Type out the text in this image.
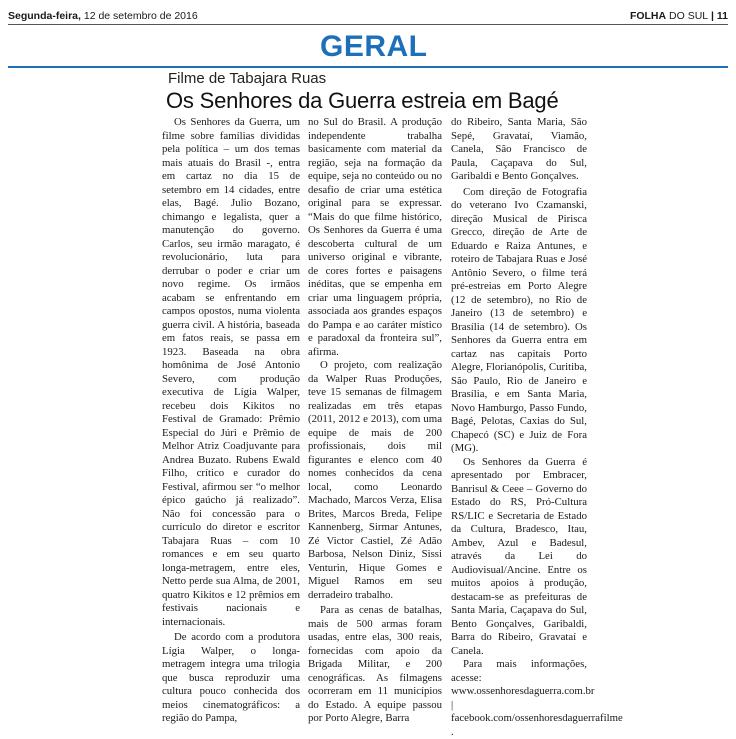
Segunda-feira, 12 de setembro de 2016	FOLHA DO SUL | 11
GERAL
Filme de Tabajara Ruas
Os Senhores da Guerra estreia em Bagé

Os Senhores da Guerra, um filme sobre famílias divididas pela política – um dos temas mais atuais do Brasil -, entra em cartaz no dia 15 de setembro em 14 cidades, entre elas, Bagé. Julio Bozano, chimango e legalista, quer a manutenção do governo. Carlos, seu irmão maragato, é revolucionário, luta para derrubar o poder e criar um novo regime. Os irmãos acabam se enfrentando em campos opostos, numa violenta guerra civil. A história, baseada em fatos reais, se passa em 1923. Baseada na obra homônima de José Antonio Severo, com produção executiva de Lígia Walper, recebeu dois Kikitos no Festival de Gramado: Prêmio Especial do Júri e Prêmio de Melhor Atriz Coadjuvante para Andrea Buzato. Rubens Ewald Filho, crítico e curador do Festival, afirmou ser “o melhor épico gaúcho já realizado”. Não foi concessão para o currículo do diretor e escritor Tabajara Ruas – com 10 romances e em seu quarto longa-metragem, entre eles, Netto perde sua Alma, de 2001, quatro Kikitos e 12 prêmios em festivais nacionais e internacionais.

De acordo com a produtora Lígia Walper, o longa-metragem integra uma trilogia que busca reproduzir uma cultura pouco conhecida dos meios cinematográficos: a região do Pampa,

no Sul do Brasil. A produção independente trabalha basicamente com material da região, seja na formação da equipe, seja no conteúdo ou no desafio de criar uma estética original para se expressar. “Mais do que filme histórico, Os Senhores da Guerra é uma descoberta cultural de um universo original e vibrante, de cores fortes e paisagens inéditas, que se empenha em criar uma linguagem própria, associada aos grandes espaços do Pampa e ao caráter místico e paradoxal da fronteira sul”, afirma.

O projeto, com realização da Walper Ruas Produções, teve 15 semanas de filmagem realizadas em três etapas (2011, 2012 e 2013), com uma equipe de mais de 200 profissionais, dois mil figurantes e elenco com 40 nomes conhecidos da cena local, como Leonardo Machado, Marcos Verza, Elisa Brites, Marcos Breda, Felipe Kannenberg, Sirmar Antunes, Zé Victor Castiel, Zé Adão Barbosa, Nelson Diniz, Sissi Venturin, Hique Gomes e Miguel Ramos em seu derradeiro trabalho.

Para as cenas de batalhas, mais de 500 armas foram usadas, entre elas, 300 reais, fornecidas com apoio da Brigada Militar, e 200 cenográficas. As filmagens ocorreram em 11 municípios do Estado. A equipe passou por Porto Alegre, Barra

do Ribeiro, Santa Maria, São Sepé, Gravataí, Viamão, Canela, São Francisco de Paula, Caçapava do Sul, Garibaldi e Bento Gonçalves.

Com direção de Fotografia do veterano Ivo Czamanski, direção Musical de Pirisca Grecco, direção de Arte de Eduardo e Raiza Antunes, e roteiro de Tabajara Ruas e José Antônio Severo, o filme terá pré-estreias em Porto Alegre (12 de setembro), no Rio de Janeiro (13 de setembro) e Brasília (14 de setembro). Os Senhores da Guerra entra em cartaz nas capitais Porto Alegre, Florianópolis, Curitiba, São Paulo, Rio de Janeiro e Brasília, e em Santa Maria, Novo Hamburgo, Passo Fundo, Bagé, Pelotas, Caxias do Sul, Chapecó (SC) e Juiz de Fora (MG).

Os Senhores da Guerra é apresentado por Embracer, Banrisul & Ceee – Governo do Estado do RS, Pró-Cultura RS/LIC e Secretaria de Estado da Cultura, Bradesco, Itau, Ambev, Azul e Badesul, através da Lei do Audiovisual/Ancine. Entre os muitos apoios à produção, destacam-se as prefeituras de Santa Maria, Caçapava do Sul, Bento Gonçalves, Garibaldi, Barra do Ribeiro, Gravataí e Canela.

Para mais informações, acesse: www.ossenhoresdaguerra.com.br | facebook.com/ossenhoresdaguerrafilme .
